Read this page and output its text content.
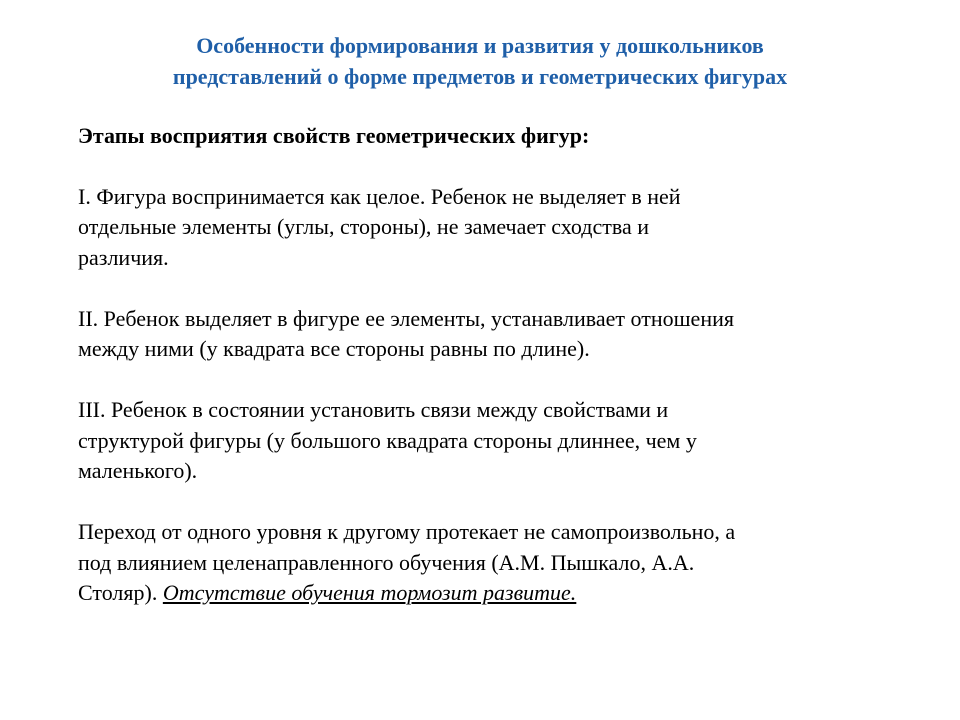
Особенности формирования и развития у дошкольников
представлений о форме предметов и геометрических фигурах
Этапы восприятия свойств геометрических фигур:
I. Фигура воспринимается как целое. Ребенок не выделяет в ней
отдельные элементы (углы, стороны), не замечает сходства и
различия.
II. Ребенок выделяет в фигуре ее элементы, устанавливает отношения
между ними (у квадрата все стороны равны по длине).
III. Ребенок в состоянии установить связи между свойствами и
структурой фигуры (у большого квадрата стороны длиннее, чем у
маленького).
Переход от одного уровня к другому протекает не самопроизвольно, а
под влиянием целенаправленного обучения (А.М. Пышкало, А.А.
Столяр). Отсутствие обучения тормозит развитие.
